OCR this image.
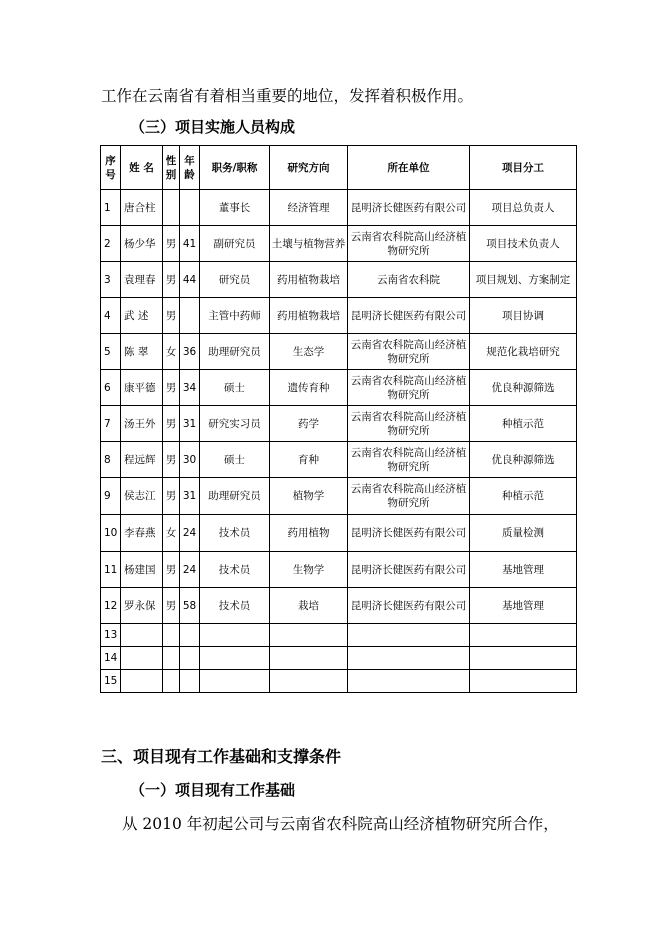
工作在云南省有着相当重要的地位，发挥着积极作用。
（三）项目实施人员构成
序号	姓 名	性别	年龄	职务/职称	研究方向	所在单位	项目分工
1	唐合柱			董事长	经济管理	昆明济长健医药有限公司	项目总负责人
2	杨少华	男	41	副研究员	土壤与植物营养	云南省农科院高山经济植物研究所	项目技术负责人
3	袁理春	男	44	研究员	药用植物栽培	云南省农科院	项目规划、方案制定
4	武 述	男		主管中药师	药用植物栽培	昆明济长健医药有限公司	项目协调
5	陈 翠	女	36	助理研究员	生态学	云南省农科院高山经济植物研究所	规范化栽培研究
6	康平德	男	34	硕士	遗传育种	云南省农科院高山经济植物研究所	优良种源筛选
7	汤王外	男	31	研究实习员	药学	云南省农科院高山经济植物研究所	种植示范
8	程远辉	男	30	硕士	育种	云南省农科院高山经济植物研究所	优良种源筛选
9	侯志江	男	31	助理研究员	植物学	云南省农科院高山经济植物研究所	种植示范
10	李春燕	女	24	技术员	药用植物	昆明济长健医药有限公司	质量检测
11	杨建国	男	24	技术员	生物学	昆明济长健医药有限公司	基地管理
12	罗永保	男	58	技术员	栽培	昆明济长健医药有限公司	基地管理
13							
14							
15							
三、项目现有工作基础和支撑条件
（一）项目现有工作基础
从 2010 年初起公司与云南省农科院高山经济植物研究所合作，
